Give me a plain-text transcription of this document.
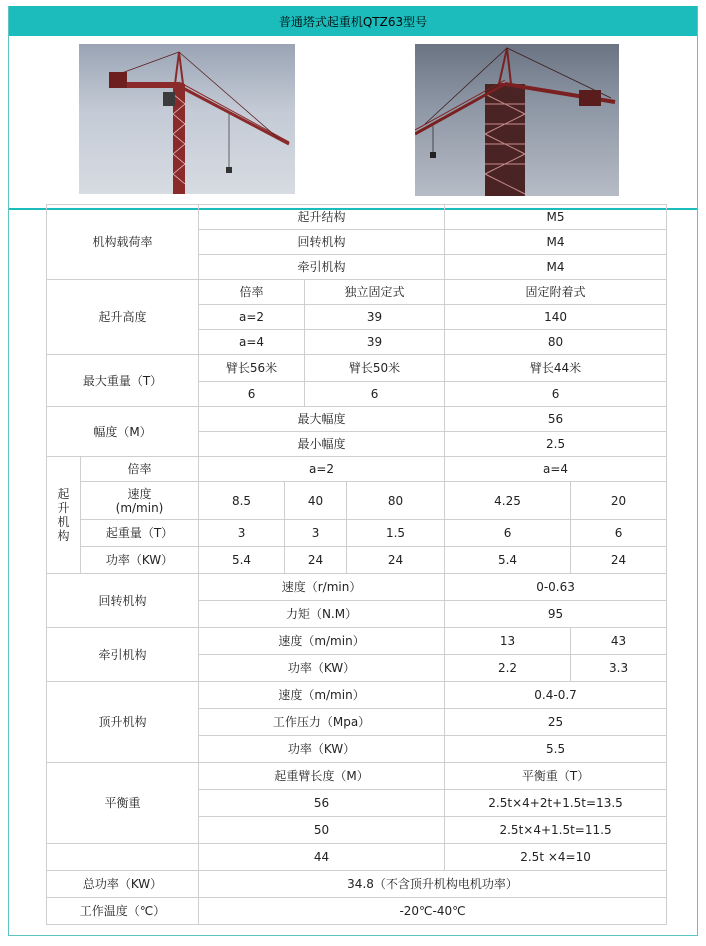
普通塔式起重机QTZ63型号
机构载荷率		起升结构				M5		
		回转机构				M4		
		牵引机构				M4		
起升高度		倍率		独立固定式		固定附着式		
		a=2		39		140		
		a=4		39		80		
最大重量（T）		臂长56米		臂长50米		臂长44米		
		6		6		6		
幅度（M）		最大幅度				56		
		最小幅度				2.5		

起
升
机
构	倍率	a=2				a=4		
	速度
(m/min)	8.5	40		80	4.25	20	
	起重量（T）	3	3		1.5	6	6	
	功率（KW）	5.4	24		24	5.4	24	
回转机构		速度（r/min）				0-0.63		
		力矩（N.M）				95		
牵引机构		速度（m/min）				13	43	
		功率（KW）				2.2	3.3	
顶升机构		速度（m/min）				0.4-0.7		
		工作压力（Mpa）				25		
		功率（KW）				5.5		
平衡重		起重臂长度（M）				平衡重（T）		
		56				2.5t×4+2t+1.5t=13.5		
		50				2.5t×4+1.5t=11.5		
		44				2.5t ×4=10		
总功率（KW）		34.8（不含顶升机构电机功率）						
工作温度（℃）		-20℃-40℃						
